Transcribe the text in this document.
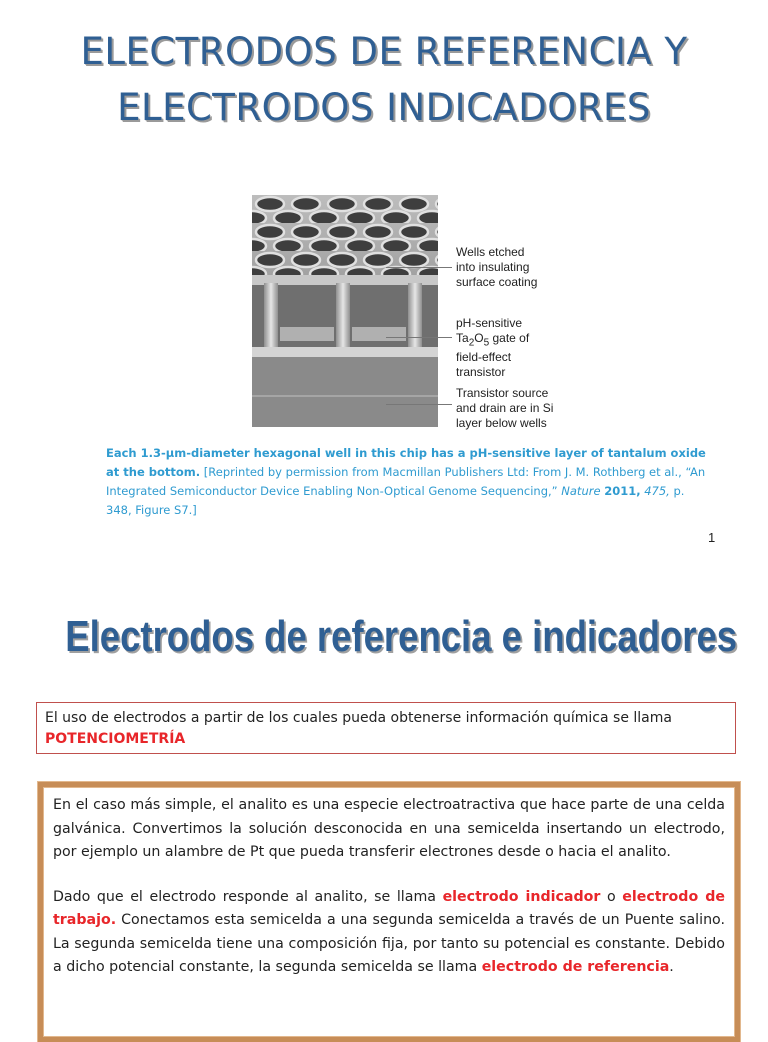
ELECTRODOS DE REFERENCIA Y
ELECTRODOS INDICADORES
Wells etched
into insulating
surface coating
pH-sensitive
$Ta_2O_5$ gate of
field-effect
transistor
Transistor source
and drain are in Si
layer below wells
Each 1.3-µm-diameter hexagonal well in this chip has a pH-sensitive layer of tantalum oxide at the bottom. [Reprinted by permission from Macmillan Publishers Ltd: From J. M. Rothberg et al., “An Integrated Semiconductor Device Enabling Non-Optical Genome Sequencing,” Nature 2011, 475, p. 348, Figure S7.]
1
Electrodos de referencia e indicadores
El uso de electrodos a partir de los cuales pueda obtenerse información química se llama POTENCIOMETRÍA

En el caso más simple, el analito es una especie electroatractiva que hace parte de una celda galvánica. Convertimos la solución desconocida en una semicelda insertando un electrodo, por ejemplo un alambre de Pt que pueda transferir electrones desde o hacia el analito.

Dado que el electrodo responde al analito, se llama electrodo indicador o electrodo de trabajo. Conectamos esta semicelda a una segunda semicelda a través de un Puente salino. La segunda semicelda tiene una composición fija, por tanto su potencial es constante. Debido a dicho potencial constante, la segunda semicelda se llama electrodo de referencia.
